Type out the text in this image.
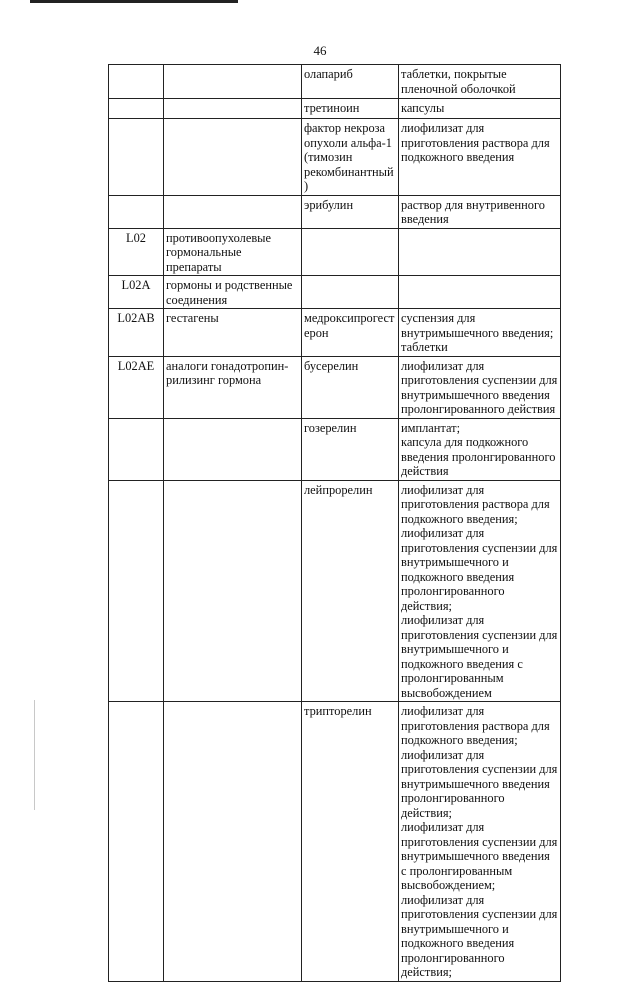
46
		олапариб	таблетки, покрытые пленочной оболочкой
		третиноин	капсулы
		фактор некроза опухоли альфа-1 (тимозин рекомбинантный)	лиофилизат для приготовления раствора для подкожного введения
		эрибулин	раствор для внутривенного введения
L02	противоопухолевые гормональные препараты		
L02A	гормоны и родственные соединения		
L02AB	гестагены	медроксипрогестерон	суспензия для внутримышечного введения;
таблетки
L02AE	аналоги гонадотропин-рилизинг гормона	бусерелин	лиофилизат для приготовления суспензии для внутримышечного введения пролонгированного действия
		гозерелин	имплантат;
капсула для подкожного введения пролонгированного действия
		лейпрорелин	лиофилизат для приготовления раствора для подкожного введения;
лиофилизат для приготовления суспензии для внутримышечного и подкожного введения пролонгированного действия;
лиофилизат для приготовления суспензии для внутримышечного и подкожного введения с пролонгированным высвобождением
		трипторелин	лиофилизат для приготовления раствора для подкожного введения;
лиофилизат для приготовления суспензии для внутримышечного введения пролонгированного действия;
лиофилизат для приготовления суспензии для внутримышечного введения с пролонгированным высвобождением;
лиофилизат для приготовления суспензии для внутримышечного и подкожного введения пролонгированного действия;
